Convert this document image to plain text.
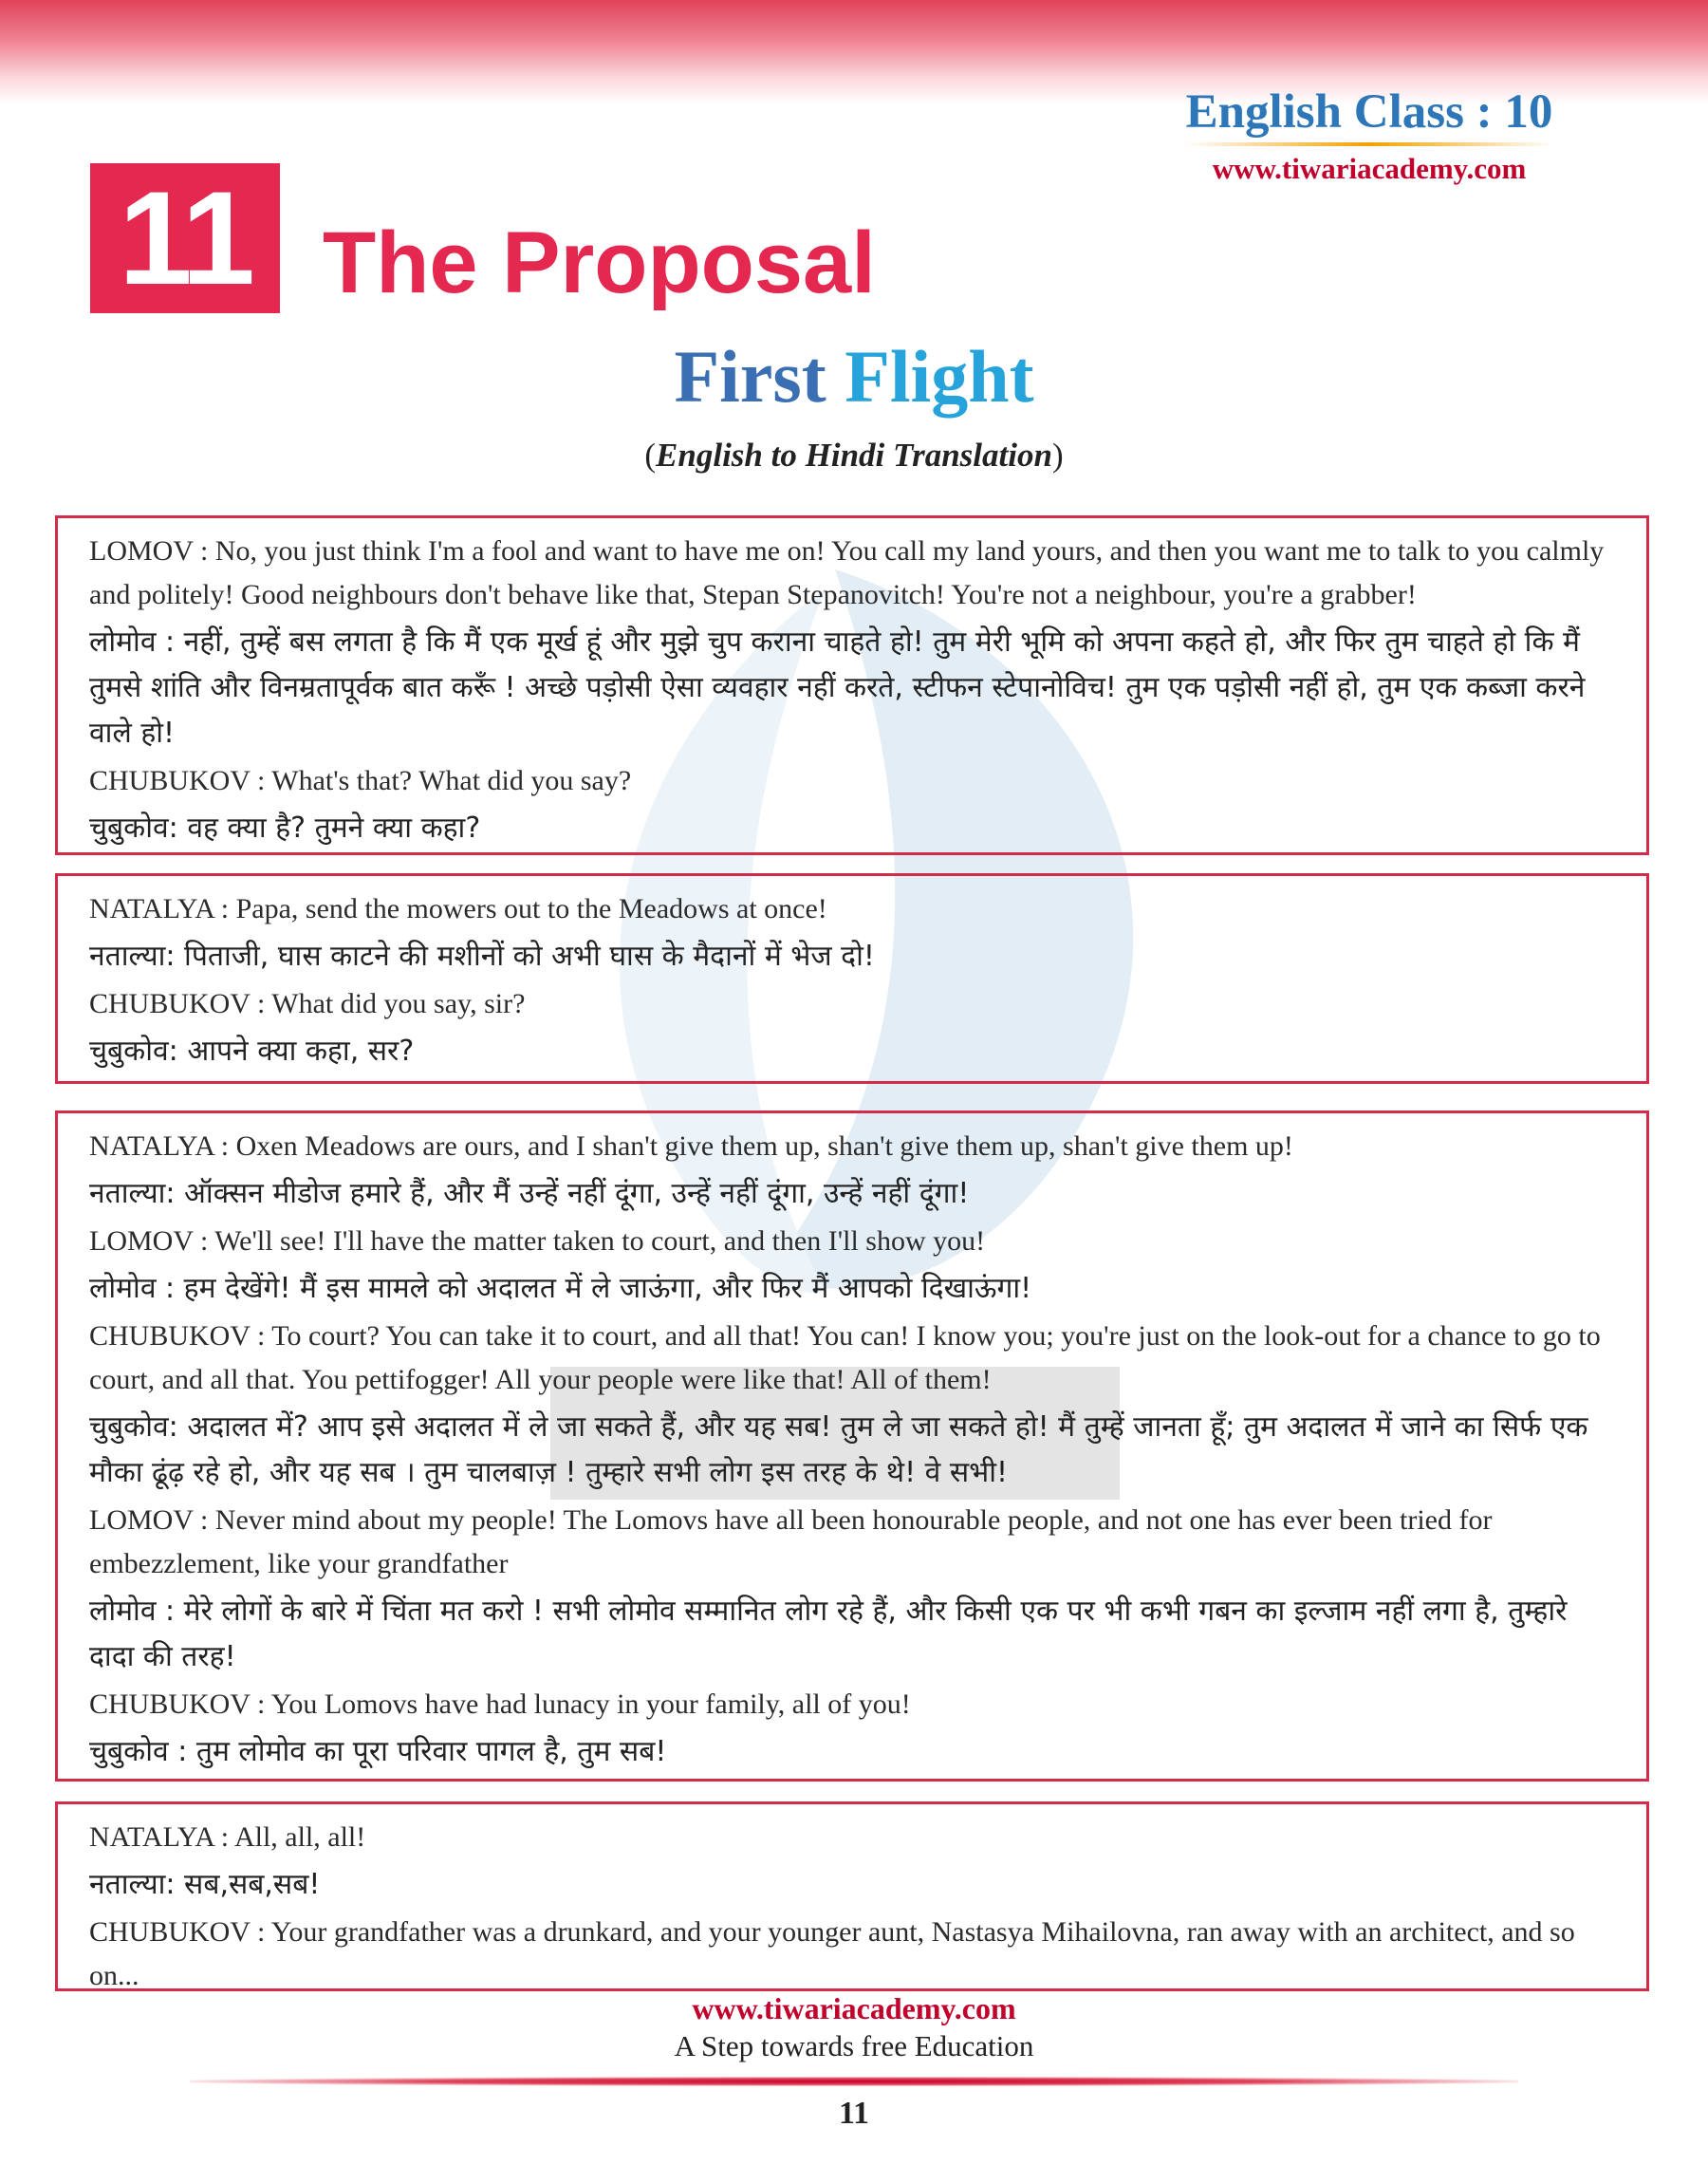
English Class : 10
www.tiwariacademy.com
11 The Proposal
First Flight
(English to Hindi Translation)

LOMOV : No, you just think I'm a fool and want to have me on! You call my land yours, and then you want me to talk to you calmly and politely! Good neighbours don't behave like that, Stepan Stepanovitch! You're not a neighbour, you're a grabber!

लोमोव : नहीं, तुम्हें बस लगता है कि मैं एक मूर्ख हूं और मुझे चुप कराना चाहते हो! तुम मेरी भूमि को अपना कहते हो, और फिर तुम चाहते हो कि मैं तुमसे शांति और विनम्रतापूर्वक बात करूँ ! अच्छे पड़ोसी ऐसा व्यवहार नहीं करते, स्टीफन स्टेपानोविच! तुम एक पड़ोसी नहीं हो, तुम एक कब्जा करने वाले हो!

CHUBUKOV : What's that? What did you say?

चुबुकोव: वह क्या है? तुमने क्या कहा?

NATALYA : Papa, send the mowers out to the Meadows at once!

नताल्या: पिताजी, घास काटने की मशीनों को अभी घास के मैदानों में भेज दो!

CHUBUKOV : What did you say, sir?

चुबुकोव: आपने क्या कहा, सर?

NATALYA : Oxen Meadows are ours, and I shan't give them up, shan't give them up, shan't give them up!

नताल्या: ऑक्सन मीडोज हमारे हैं, और मैं उन्हें नहीं दूंगा, उन्हें नहीं दूंगा, उन्हें नहीं दूंगा!

LOMOV : We'll see! I'll have the matter taken to court, and then I'll show you!

लोमोव : हम देखेंगे! मैं इस मामले को अदालत में ले जाऊंगा, और फिर मैं आपको दिखाऊंगा!

CHUBUKOV : To court? You can take it to court, and all that! You can! I know you; you're just on the look-out for a chance to go to court, and all that. You pettifogger! All your people were like that! All of them!

चुबुकोव: अदालत में? आप इसे अदालत में ले जा सकते हैं, और यह सब! तुम ले जा सकते हो! मैं तुम्हें जानता हूँ; तुम अदालत में जाने का सिर्फ एक मौका ढूंढ़ रहे हो, और यह सब । तुम चालबाज़ ! तुम्हारे सभी लोग इस तरह के थे! वे सभी!

LOMOV : Never mind about my people! The Lomovs have all been honourable people, and not one has ever been tried for embezzlement, like your grandfather

लोमोव : मेरे लोगों के बारे में चिंता मत करो ! सभी लोमोव सम्मानित लोग रहे हैं, और किसी एक पर भी कभी गबन का इल्जाम नहीं लगा है, तुम्हारे दादा की तरह!

CHUBUKOV : You Lomovs have had lunacy in your family, all of you!

चुबुकोव : तुम लोमोव का पूरा परिवार पागल है, तुम सब!

NATALYA : All, all, all!

नताल्या: सब,सब,सब!

CHUBUKOV : Your grandfather was a drunkard, and your younger aunt, Nastasya Mihailovna, ran away with an architect, and so on...

www.tiwariacademy.com
A Step towards free Education
11
